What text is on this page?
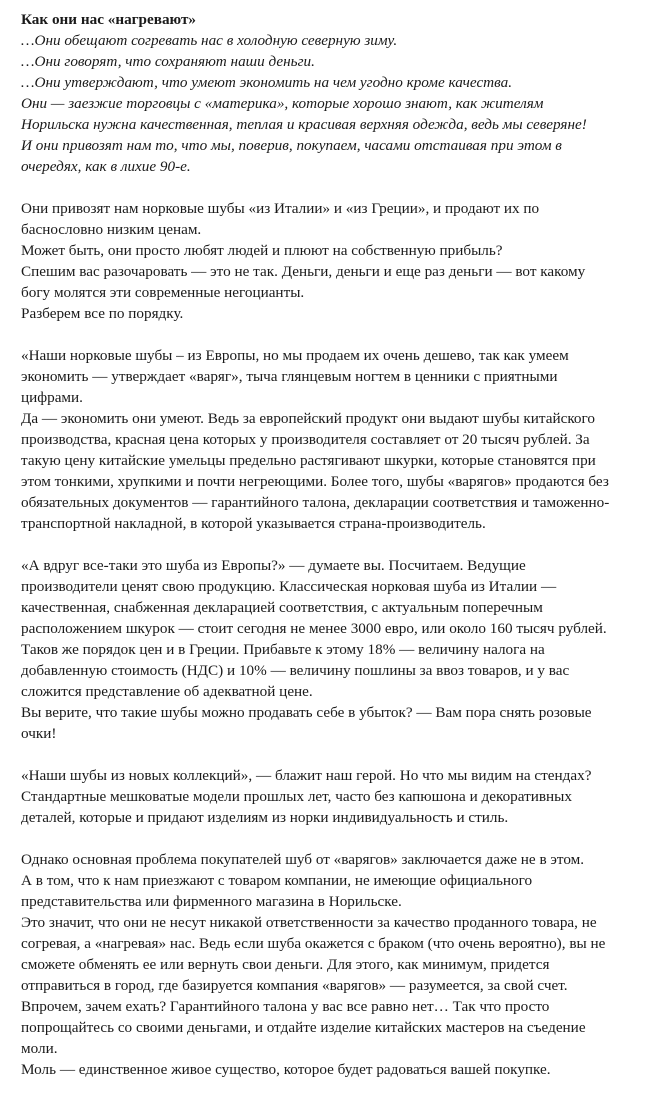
Как они нас «нагревают»
…Они обещают согревать нас в холодную северную зиму.
…Они говорят, что сохраняют наши деньги.
…Они утверждают, что умеют экономить на чем угодно кроме качества.
Они — заезжие торговцы с «материка», которые хорошо знают, как жителям
Норильска нужна качественная, теплая и красивая верхняя одежда, ведь мы северяне!
И они привозят нам то, что мы, поверив, покупаем, часами отстаивая при этом в
очередях, как в лихие 90-е.
Они привозят нам норковые шубы «из Италии» и «из Греции», и продают их по
баснословно низким ценам.
Может быть, они просто любят людей и плюют на собственную прибыль?
Спешим вас разочаровать — это не так. Деньги, деньги и еще раз деньги — вот какому
богу молятся эти современные негоцианты.
Разберем все по порядку.
«Наши норковые шубы – из Европы, но мы продаем их очень дешево, так как умеем
экономить — утверждает «варяг», тыча глянцевым ногтем в ценники с приятными
цифрами.
Да — экономить они умеют. Ведь за европейский продукт они выдают шубы китайского
производства, красная цена которых у производителя составляет от 20 тысяч рублей. За
такую цену китайские умельцы предельно растягивают шкурки, которые становятся при
этом тонкими, хрупкими и почти негреющими. Более того, шубы «варягов» продаются без
обязательных документов — гарантийного талона, декларации соответствия и таможенно-
транспортной накладной, в которой указывается страна-производитель.
«А вдруг все-таки это шуба из Европы?» — думаете вы. Посчитаем. Ведущие
производители ценят свою продукцию. Классическая норковая шуба из Италии —
качественная, снабженная декларацией соответствия, с актуальным поперечным
расположением шкурок — стоит сегодня не менее 3000 евро, или около 160 тысяч рублей.
Таков же порядок цен и в Греции. Прибавьте к этому 18% — величину налога на
добавленную стоимость (НДС) и 10% — величину пошлины за ввоз товаров, и у вас
сложится представление об адекватной цене.
Вы верите, что такие шубы можно продавать себе в убыток? — Вам пора снять розовые
очки!
«Наши шубы из новых коллекций», — блажит наш герой. Но что мы видим на стендах?
Стандартные мешковатые модели прошлых лет, часто без капюшона и декоративных
деталей, которые и придают изделиям из норки индивидуальность и стиль.
Однако основная проблема покупателей шуб от «варягов» заключается даже не в этом.
А в том, что к нам приезжают с товаром компании, не имеющие официального
представительства или фирменного магазина в Норильске.
Это значит, что они не несут никакой ответственности за качество проданного товара, не
согревая, а «нагревая» нас. Ведь если шуба окажется с браком (что очень вероятно), вы не
сможете обменять ее или вернуть свои деньги. Для этого, как минимум, придется
отправиться в город, где базируется компания «варягов» — разумеется, за свой счет.
Впрочем, зачем ехать? Гарантийного талона у вас все равно нет… Так что просто
попрощайтесь со своими деньгами, и отдайте изделие китайских мастеров на съедение
моли.
Моль — единственное живое существо, которое будет радоваться вашей покупке.
